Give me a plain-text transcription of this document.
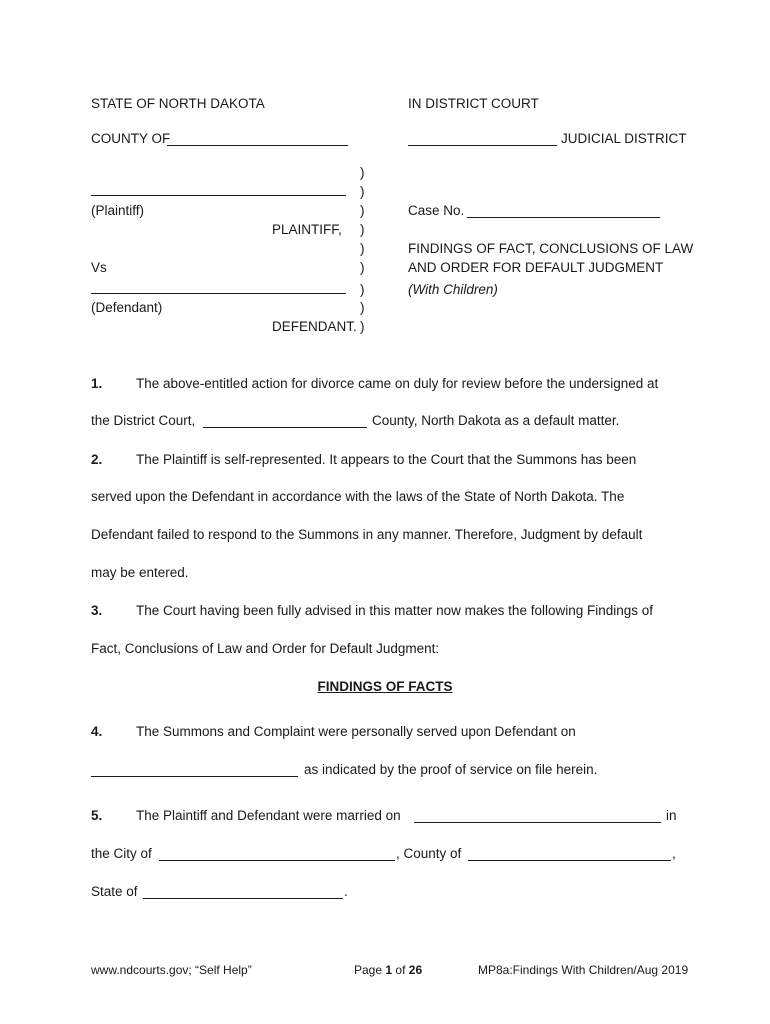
STATE OF NORTH DAKOTA	IN DISTRICT COURT
COUNTY OF	JUDICIAL DISTRICT
(Plaintiff)
PLAINTIFF,
Vs
(Defendant)
DEFENDANT.
)
)
)
)
)
)
)
)
)
Case No.
FINDINGS OF FACT, CONCLUSIONS OF LAW
AND ORDER FOR DEFAULT JUDGMENT
(With Children)
1. The above-entitled action for divorce came on duly for review before the undersigned at
the District Court,	County, North Dakota as a default matter.
2. The Plaintiff is self-represented. It appears to the Court that the Summons has been
served upon the Defendant in accordance with the laws of the State of North Dakota. The
Defendant failed to respond to the Summons in any manner. Therefore, Judgment by default
may be entered.
3. The Court having been fully advised in this matter now makes the following Findings of
Fact, Conclusions of Law and Order for Default Judgment:
FINDINGS OF FACTS
4. The Summons and Complaint were personally served upon Defendant on
as indicated by the proof of service on file herein.
5. The Plaintiff and Defendant were married on	in
the City of	, County of	,
State of	.
www.ndcourts.gov; “Self Help”	Page 1 of 26	MP8a:Findings With Children/Aug 2019
